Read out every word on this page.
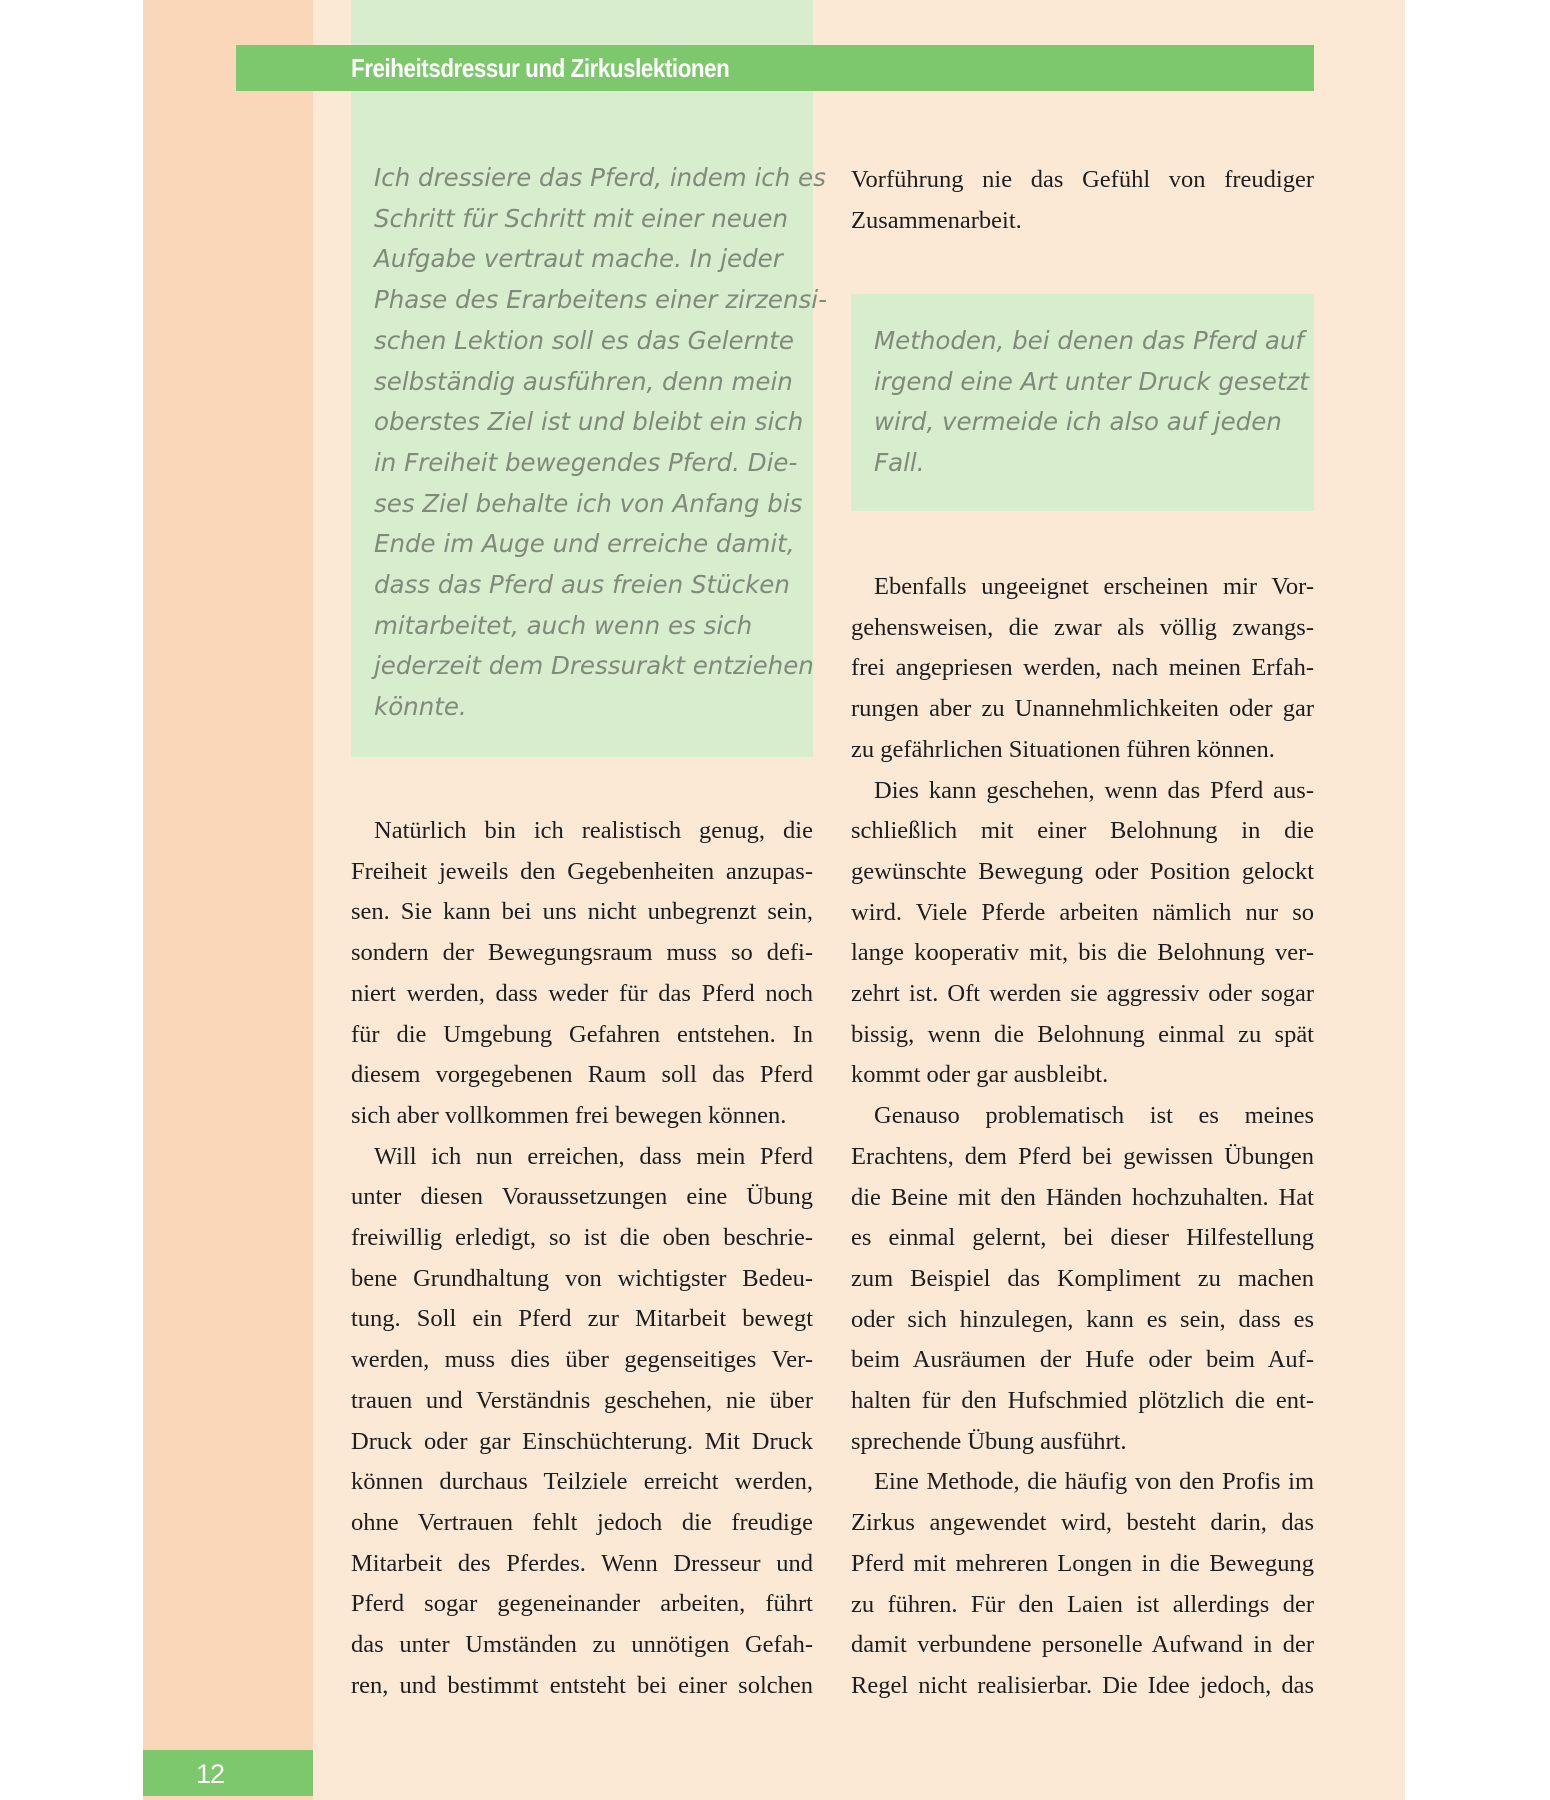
Freiheitsdressur und Zirkuslektionen
Ich dressiere das Pferd, indem ich es
Schritt für Schritt mit einer neuen
Aufgabe vertraut mache. In jeder
Phase des Erarbeitens einer zirzensi-
schen Lektion soll es das Gelernte
selbständig ausführen, denn mein
oberstes Ziel ist und bleibt ein sich
in Freiheit bewegendes Pferd. Die-
ses Ziel behalte ich von Anfang bis
Ende im Auge und erreiche damit,
dass das Pferd aus freien Stücken
mitarbeitet, auch wenn es sich
jederzeit dem Dressurakt entziehen
könnte.
Natürlich bin ich realistisch genug, die
Freiheit jeweils den Gegebenheiten anzupas-
sen. Sie kann bei uns nicht unbegrenzt sein,
sondern der Bewegungsraum muss so defi-
niert werden, dass weder für das Pferd noch
für die Umgebung Gefahren entstehen. In
diesem vorgegebenen Raum soll das Pferd
sich aber vollkommen frei bewegen können.
Will ich nun erreichen, dass mein Pferd
unter diesen Voraussetzungen eine Übung
freiwillig erledigt, so ist die oben beschrie-
bene Grundhaltung von wichtigster Bedeu-
tung. Soll ein Pferd zur Mitarbeit bewegt
werden, muss dies über gegenseitiges Ver-
trauen und Verständnis geschehen, nie über
Druck oder gar Einschüchterung. Mit Druck
können durchaus Teilziele erreicht werden,
ohne Vertrauen fehlt jedoch die freudige
Mitarbeit des Pferdes. Wenn Dresseur und
Pferd sogar gegeneinander arbeiten, führt
das unter Umständen zu unnötigen Gefah-
ren, und bestimmt entsteht bei einer solchen
Vorführung nie das Gefühl von freudiger
Zusammenarbeit.
Methoden, bei denen das Pferd auf
irgend eine Art unter Druck gesetzt
wird, vermeide ich also auf jeden
Fall.
Ebenfalls ungeeignet erscheinen mir Vor-
gehensweisen, die zwar als völlig zwangs-
frei angepriesen werden, nach meinen Erfah-
rungen aber zu Unannehmlichkeiten oder gar
zu gefährlichen Situationen führen können.
Dies kann geschehen, wenn das Pferd aus-
schließlich mit einer Belohnung in die
gewünschte Bewegung oder Position gelockt
wird. Viele Pferde arbeiten nämlich nur so
lange kooperativ mit, bis die Belohnung ver-
zehrt ist. Oft werden sie aggressiv oder sogar
bissig, wenn die Belohnung einmal zu spät
kommt oder gar ausbleibt.
Genauso problematisch ist es meines
Erachtens, dem Pferd bei gewissen Übungen
die Beine mit den Händen hochzuhalten. Hat
es einmal gelernt, bei dieser Hilfestellung
zum Beispiel das Kompliment zu machen
oder sich hinzulegen, kann es sein, dass es
beim Ausräumen der Hufe oder beim Auf-
halten für den Hufschmied plötzlich die ent-
sprechende Übung ausführt.
Eine Methode, die häufig von den Profis im
Zirkus angewendet wird, besteht darin, das
Pferd mit mehreren Longen in die Bewegung
zu führen. Für den Laien ist allerdings der
damit verbundene personelle Aufwand in der
Regel nicht realisierbar. Die Idee jedoch, das
12
